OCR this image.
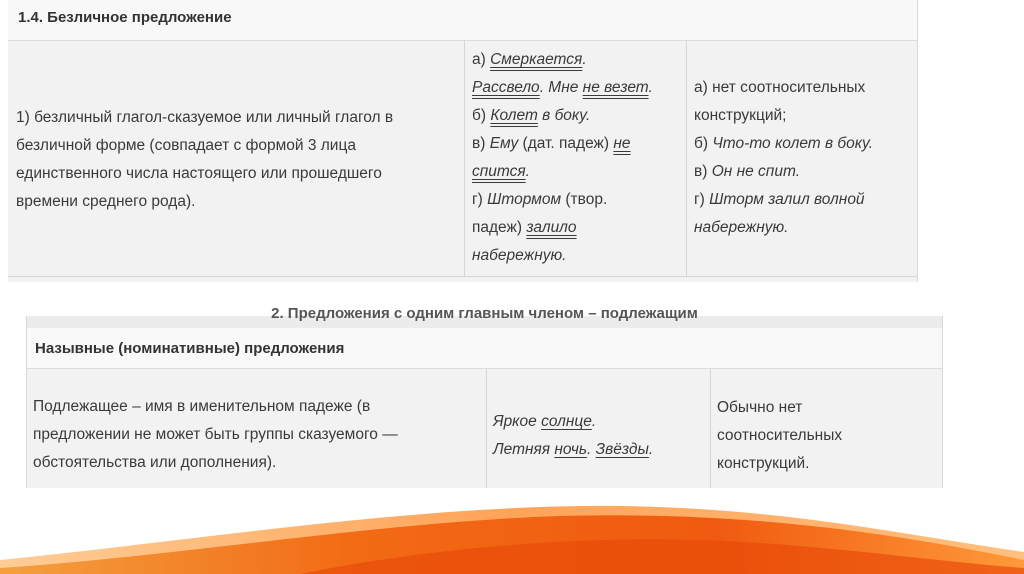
1.4. Безличное предложение
1) безличный глагол-сказуемое или личный глагол в
безличной форме (совпадает с формой 3 лица
единственного числа настоящего или прошедшего
времени среднего рода).
а) Смеркается.
Рассвело. Мне не везет.
б) Колет в боку.
в) Ему (дат. падеж) не
спится.
г) Штормом (твор.
падеж) залило
набережную.
а) нет соотносительных
конструкций;
б) Что-то колет в боку.
в) Он не спит.
г) Шторм залил волной
набережную.
2. Предложения с одним главным членом – подлежащим
Назывные (номинативные) предложения
Подлежащее – имя в именительном падеже (в
предложении не может быть группы сказуемого —
обстоятельства или дополнения).
Яркое солнце.
Летняя ночь. Звёзды.
Обычно нет
соотносительных
конструкций.
